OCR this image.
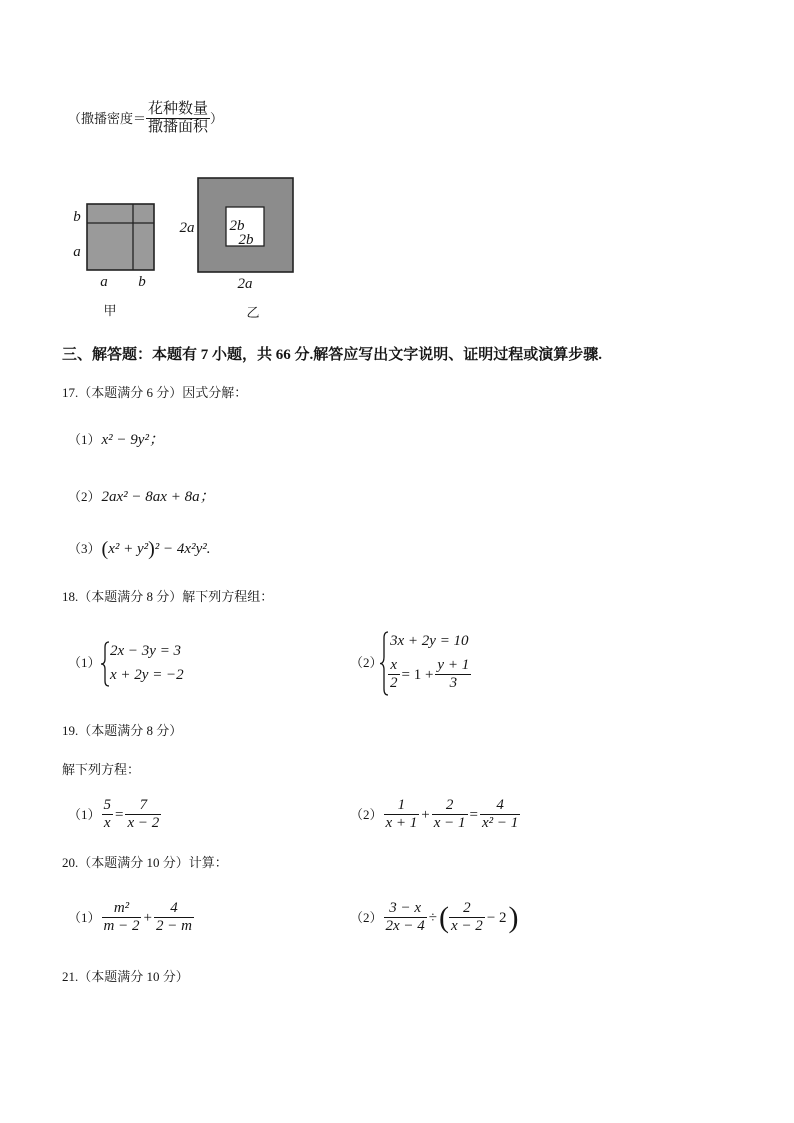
（撒播密度＝ $\frac{\text{花种数量}}{\text{撒播面积}}$ ）
b
a
a b
甲
2a 2b
2b
2a
乙
三、解答题：本题有 7 小题，共 66 分.解答应写出文字说明、证明过程或演算步骤.
17.（本题满分 6 分）因式分解：
（1） x² − 9y²；
（2） 2ax² − 8ax + 8a；
（3） ( x² + y² ) ² − 4x²y².
18.（本题满分 8 分）解下列方程组：
（1）
2x − 3y = 3
x + 2y = −2
（2）
3x + 2y = 10
$\frac{x}{2} = 1 + \frac{y + 1}{3}$
19.（本题满分 8 分）
解下列方程：
$(1) \frac{5}{x} = \frac{7}{x - 2}$	$(2) \frac{1}{x + 1} + \frac{2}{x - 1} = \frac{4}{\text{x² − 1}}$
20.（本题满分 10 分）计算：
$(1) \frac{\text{m²}}{m - 2} + \frac{4}{2 - m}$	$(2) \frac{3 - x}{2x - 4}$ ÷ ( $\frac{2}{x - 2} - 2$ )
21.（本题满分 10 分）
